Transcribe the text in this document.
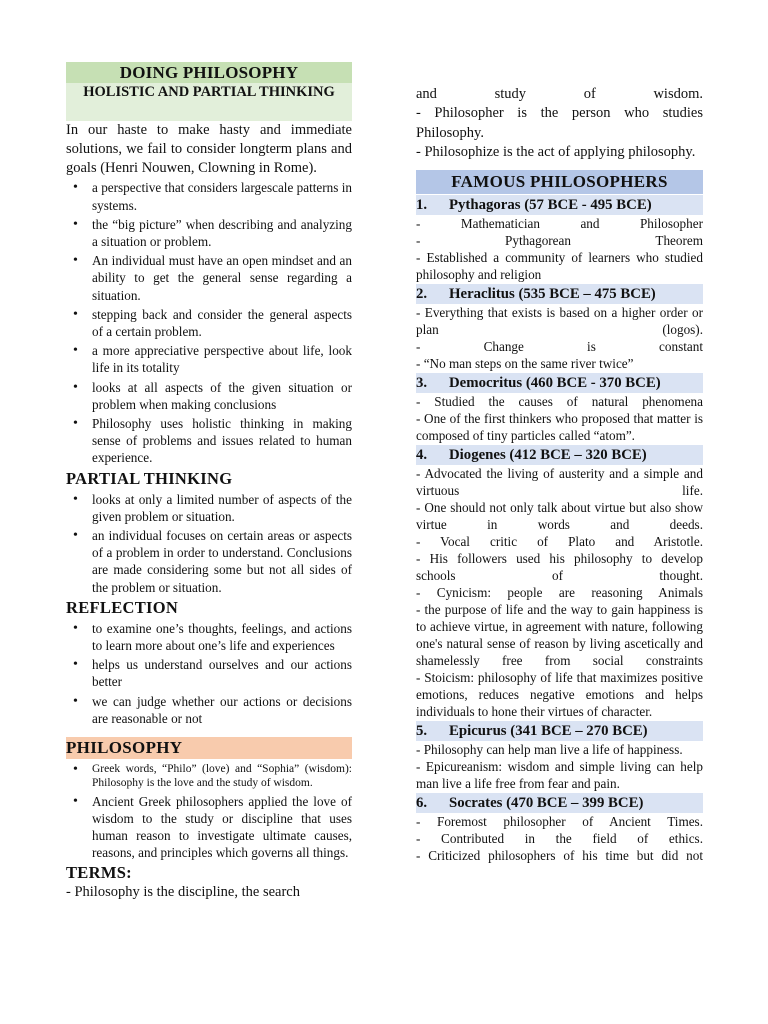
DOING PHILOSOPHY
HOLISTIC AND PARTIAL THINKING

In our haste to make hasty and immediate solutions, we fail to consider longterm plans and goals (Henri Nouwen, Clowning in Rome).

• a perspective that considers largescale patterns in systems.
• the “big picture” when describing and analyzing a situation or problem.
• An individual must have an open mindset and an ability to get the general sense regarding a situation.
• stepping back and consider the general aspects of a certain problem.
• a more appreciative perspective about life, look life in its totality
• looks at all aspects of the given situation or problem when making conclusions
• Philosophy uses holistic thinking in making sense of problems and issues related to human experience.
PARTIAL THINKING
• looks at only a limited number of aspects of the given problem or situation.
• an individual focuses on certain areas or aspects of a problem in order to understand. Conclusions are made considering some but not all sides of the problem or situation.
REFLECTION
• to examine one’s thoughts, feelings, and actions to learn more about one’s life and experiences
• helps us understand ourselves and our actions better
• we can judge whether our actions or decisions are reasonable or not
PHILOSOPHY
• Greek words, “Philo” (love) and “Sophia” (wisdom): Philosophy is the love and the study of wisdom.
• Ancient Greek philosophers applied the love of wisdom to the study or discipline that uses human reason to investigate ultimate causes, reasons, and principles which governs all things.
TERMS:

- Philosophy is the discipline, the search

and study of wisdom.

- Philosopher is the person who studies Philosophy.

- Philosophize is the act of applying philosophy.

FAMOUS PHILOSOPHERS
1.	Pythagoras (57 BCE - 495 BCE)

- Mathematician and Philosopher

- Pythagorean Theorem

- Established a community of learners who studied philosophy and religion

2.	Heraclitus (535 BCE – 475 BCE)

- Everything that exists is based on a higher order or plan (logos).

- Change is constant

- “No man steps on the same river twice”

3.	Democritus (460 BCE - 370 BCE)

- Studied the causes of natural phenomena

- One of the first thinkers who proposed that matter is composed of tiny particles called “atom”.

4.	Diogenes (412 BCE – 320 BCE)

- Advocated the living of austerity and a simple and virtuous life.

- One should not only talk about virtue but also show virtue in words and deeds.

- Vocal critic of Plato and Aristotle.

- His followers used his philosophy to develop schools of thought.

- Cynicism: people are reasoning Animals

- the purpose of life and the way to gain happiness is to achieve virtue, in agreement with nature, following one's natural sense of reason by living ascetically and shamelessly free from social constraints

- Stoicism: philosophy of life that maximizes positive emotions, reduces negative emotions and helps individuals to hone their virtues of character.

5.	Epicurus (341 BCE – 270 BCE)

- Philosophy can help man live a life of happiness.

- Epicureanism: wisdom and simple living can help man live a life free from fear and pain.

6.	Socrates (470 BCE – 399 BCE)

- Foremost philosopher of Ancient Times.

- Contributed in the field of ethics.

- Criticized philosophers of his time but did not
